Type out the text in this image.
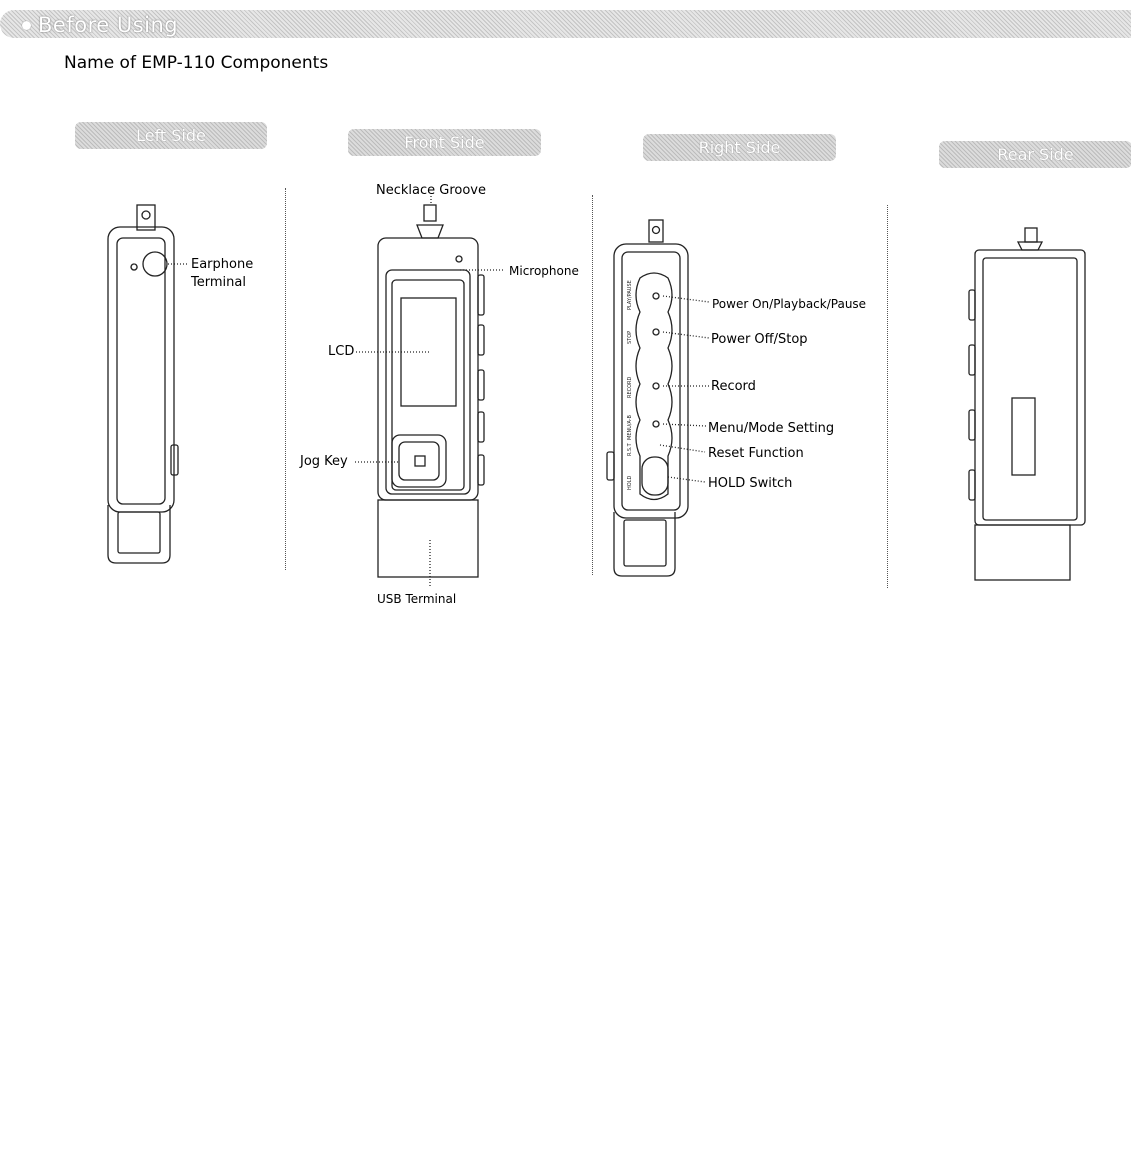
Before Using
Name of EMP-110 Components
Left Side	Front Side	Right Side	Rear Side
PLAY/PAUSE
STOP
RECORD
MENU/A-B
R.S.T
HOLD
Earphone
Terminal
Necklace Groove
Microphone
LCD
Jog Key
USB Terminal
Power On/Playback/Pause
Power Off/Stop
Record
Menu/Mode Setting
Reset Function
HOLD Switch
